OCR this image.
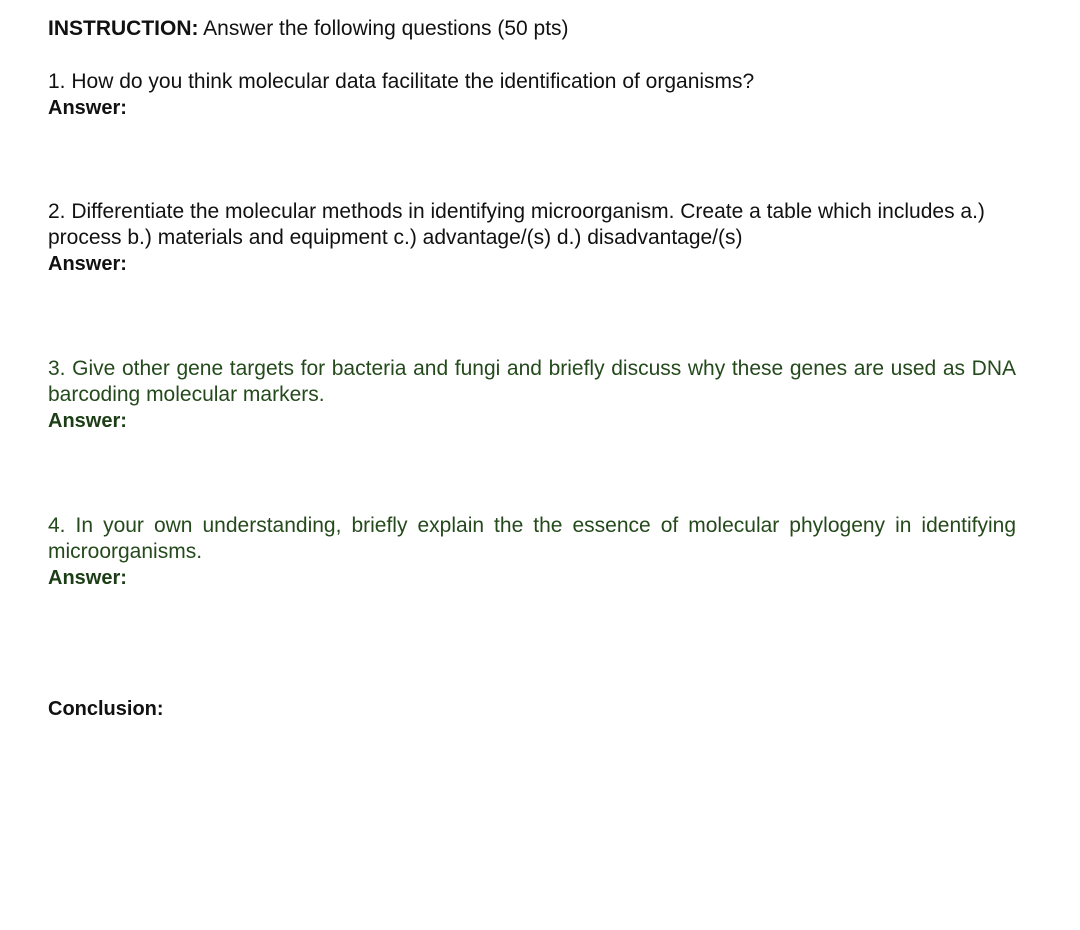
INSTRUCTION: Answer the following questions (50 pts)
1. How do you think molecular data facilitate the identification of organisms?
Answer:
2. Differentiate the molecular methods in identifying microorganism. Create a table which includes a.) process b.) materials and equipment c.) advantage/(s) d.) disadvantage/(s)
Answer:
3. Give other gene targets for bacteria and fungi and briefly discuss why these genes are used as DNA barcoding molecular markers.
Answer:
4. In your own understanding, briefly explain the the essence of molecular phylogeny in identifying microorganisms.
Answer:
Conclusion:
